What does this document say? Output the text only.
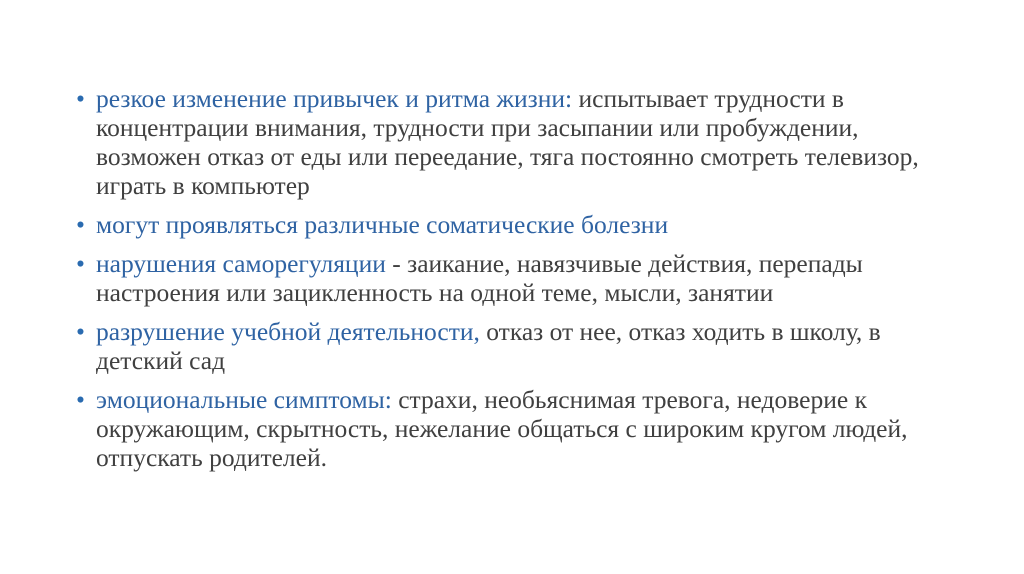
• резкое изменение привычек и ритма жизни: испытывает трудности в концентрации внимания, трудности при засыпании или пробуждении, возможен отказ от еды или переедание, тяга постоянно смотреть телевизор, играть в компьютер
• могут проявляться различные соматические болезни
• нарушения саморегуляции - заикание, навязчивые действия, перепады настроения или зацикленность на одной теме, мысли, занятии
• разрушение учебной деятельности, отказ от нее, отказ ходить в школу, в детский сад
• эмоциональные симптомы: страхи, необьяснимая тревога, недоверие к окружающим, скрытность, нежелание общаться с широким кругом людей, отпускать родителей.
